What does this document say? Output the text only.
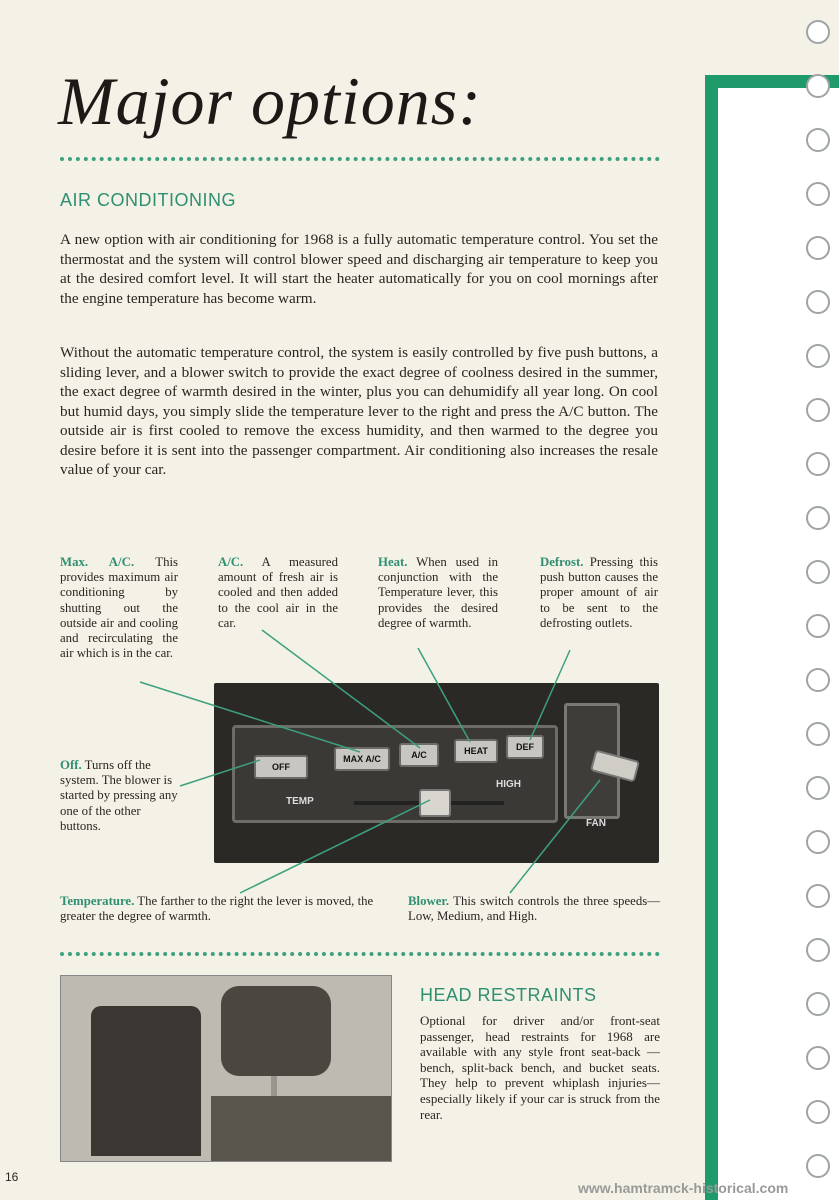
Major options:
AIR CONDITIONING
A new option with air conditioning for 1968 is a fully automatic temperature control. You set the thermostat and the system will control blower speed and discharging air temperature to keep you at the desired comfort level. It will start the heater automatically for you on cool mornings after the engine temperature has become warm.
Without the automatic temperature control, the system is easily controlled by five push buttons, a sliding lever, and a blower switch to provide the exact degree of coolness desired in the summer, the exact degree of warmth desired in the winter, plus you can dehumidify all year long. On cool but humid days, you simply slide the temperature lever to the right and press the A/C button. The outside air is first cooled to remove the excess humidity, and then warmed to the degree you desire before it is sent into the passenger compartment. Air conditioning also increases the resale value of your car.
Max. A/C. This provides maximum air conditioning by shutting out the outside air and cooling and recirculating the air which is in the car.
A/C. A measured amount of fresh air is cooled and then added to the cool air in the car.
Heat. When used in conjunction with the Temperature lever, this provides the desired degree of warmth.
Defrost. Pressing this push button causes the proper amount of air to be sent to the defrosting outlets.
Off. Turns off the system. The blower is started by pressing any one of the other buttons.
Temperature. The farther to the right the lever is moved, the greater the degree of warmth.
Blower. This switch controls the three speeds—Low, Medium, and High.
OFF
MAX A/C	A/C	HEAT	DEF
TEMP
HIGH
FAN
HEAD RESTRAINTS
Optional for driver and/or front-seat passenger, head restraints for 1968 are available with any style front seat-back —bench, split-back bench, and bucket seats. They help to prevent whiplash injuries—especially likely if your car is struck from the rear.
16
www.hamtramck-historical.com
